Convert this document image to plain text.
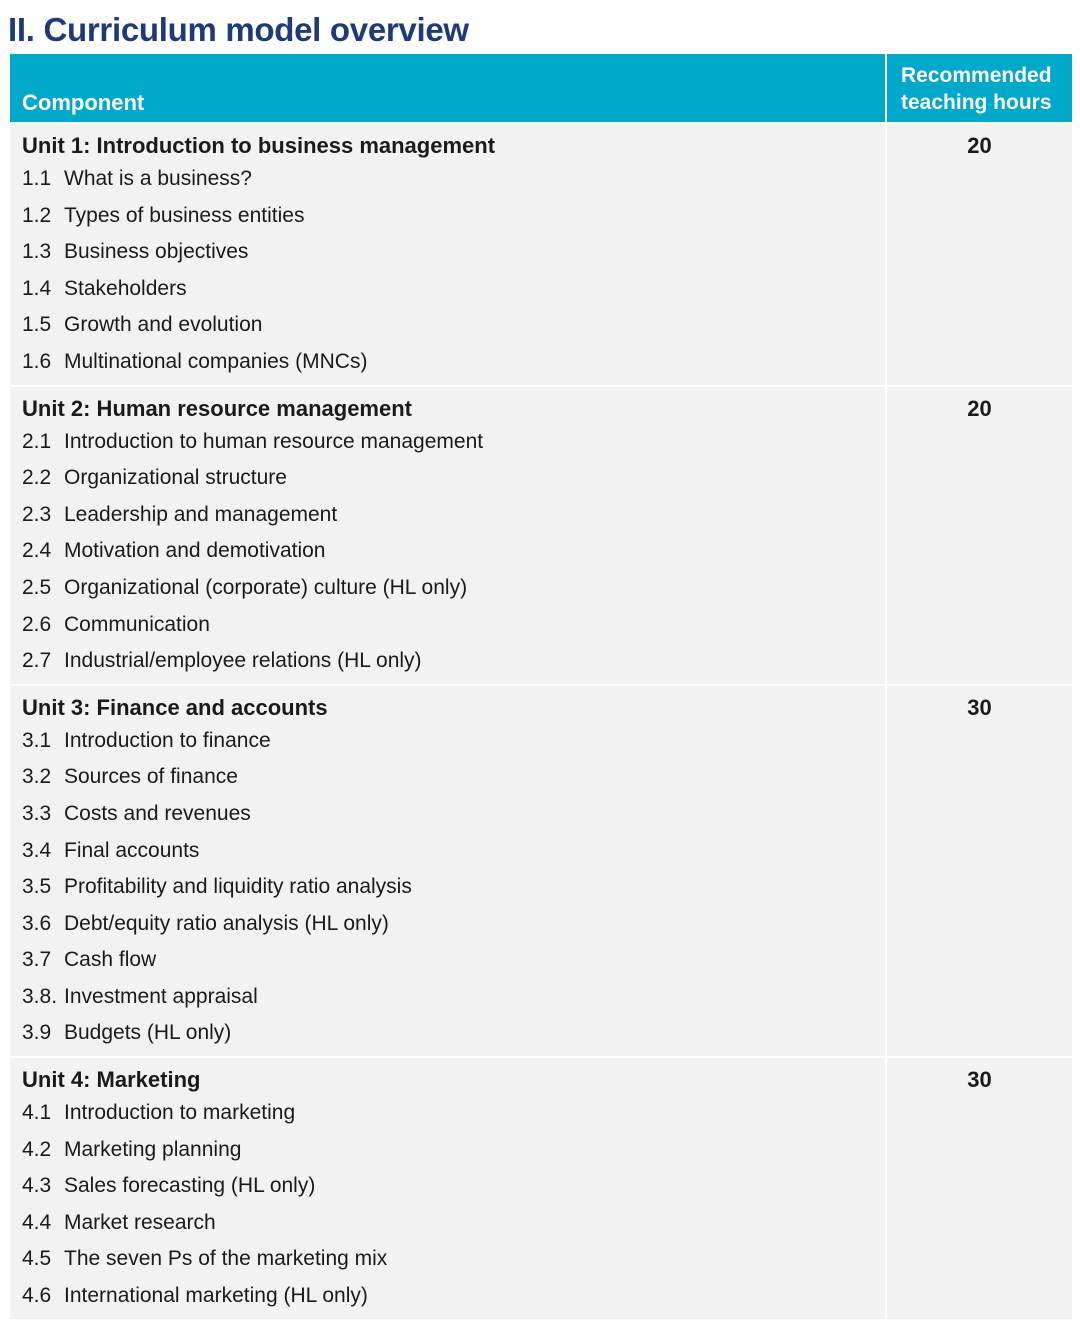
II. Curriculum model overview
Component
Recommended
teaching hours
Unit 1: Introduction to business management
1.1 What is a business?
1.2 Types of business entities
1.3 Business objectives
1.4 Stakeholders
1.5 Growth and evolution
1.6 Multinational companies (MNCs)
20
Unit 2: Human resource management
2.1 Introduction to human resource management
2.2 Organizational structure
2.3 Leadership and management
2.4 Motivation and demotivation
2.5 Organizational (corporate) culture (HL only)
2.6 Communication
2.7 Industrial/employee relations (HL only)
20
Unit 3: Finance and accounts
3.1 Introduction to finance
3.2 Sources of finance
3.3 Costs and revenues
3.4 Final accounts
3.5 Profitability and liquidity ratio analysis
3.6 Debt/equity ratio analysis (HL only)
3.7 Cash flow
3.8. Investment appraisal
3.9 Budgets (HL only)
30
Unit 4: Marketing
4.1 Introduction to marketing
4.2 Marketing planning
4.3 Sales forecasting (HL only)
4.4 Market research
4.5 The seven Ps of the marketing mix
4.6 International marketing (HL only)
30
